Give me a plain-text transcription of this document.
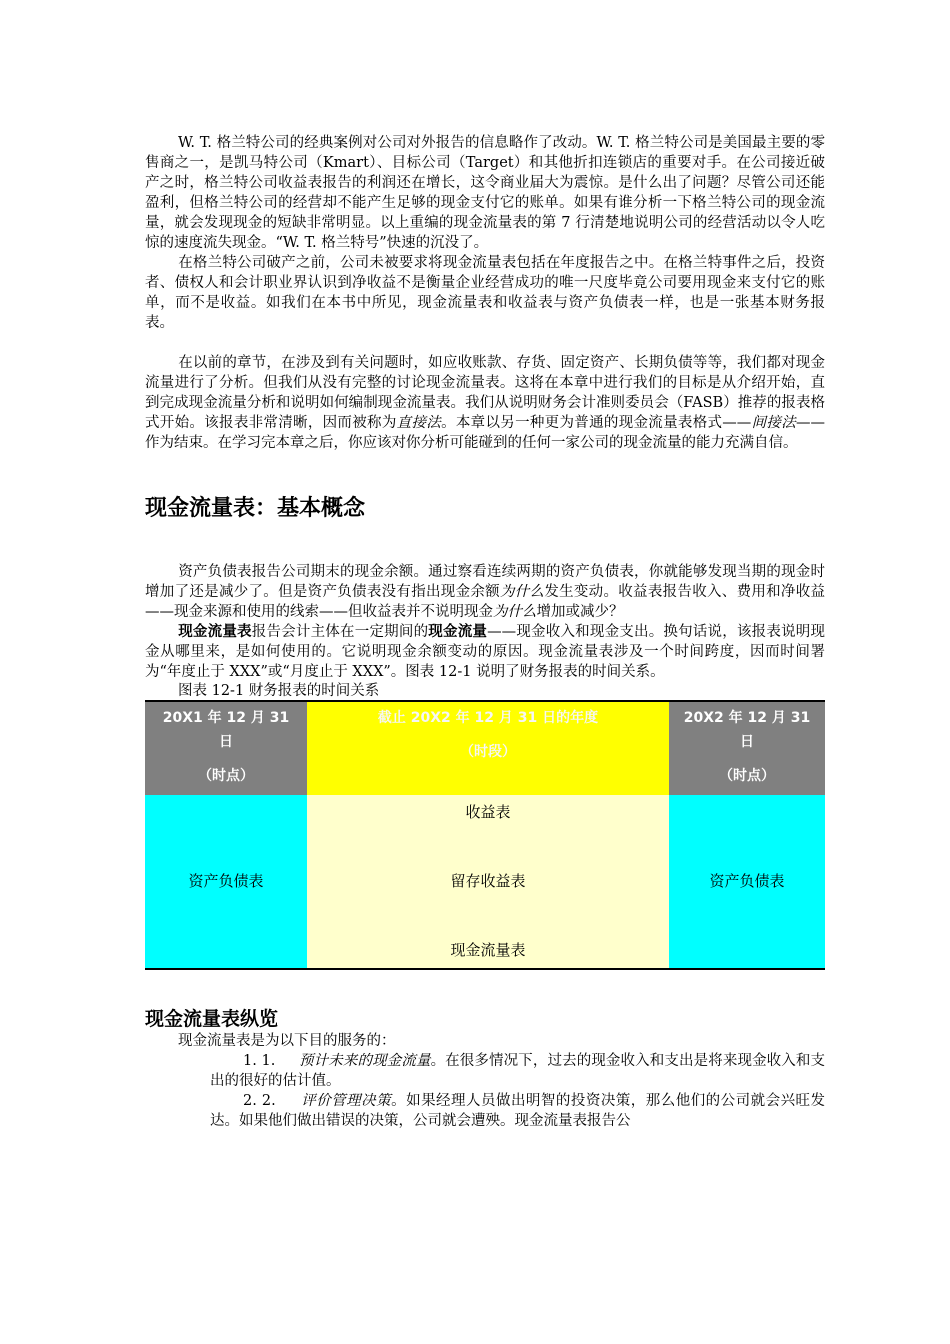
W. T. 格兰特公司的经典案例对公司对外报告的信息略作了改动。W. T. 格兰特公司是美国最主要的零售商之一，是凯马特公司（Kmart）、目标公司（Target）和其他折扣连锁店的重要对手。在公司接近破产之时，格兰特公司收益表报告的利润还在增长，这令商业届大为震惊。是什么出了问题？尽管公司还能盈利，但格兰特公司的经营却不能产生足够的现金支付它的账单。如果有谁分析一下格兰特公司的现金流量，就会发现现金的短缺非常明显。以上重编的现金流量表的第 7 行清楚地说明公司的经营活动以令人吃惊的速度流失现金。“W. T. 格兰特号”快速的沉没了。

在格兰特公司破产之前，公司未被要求将现金流量表包括在年度报告之中。在格兰特事件之后，投资者、债权人和会计职业界认识到净收益不是衡量企业经营成功的唯一尺度毕竟公司要用现金来支付它的账单，而不是收益。如我们在本书中所见，现金流量表和收益表与资产负债表一样，也是一张基本财务报表。

在以前的章节，在涉及到有关问题时，如应收账款、存货、固定资产、长期负债等等，我们都对现金流量进行了分析。但我们从没有完整的讨论现金流量表。这将在本章中进行我们的目标是从介绍开始，直到完成现金流量分析和说明如何编制现金流量表。我们从说明财务会计准则委员会（FASB）推荐的报表格式开始。该报表非常清晰，因而被称为直接法。本章以另一种更为普通的现金流量表格式——间接法——作为结束。在学习完本章之后，你应该对你分析可能碰到的任何一家公司的现金流量的能力充满自信。

现金流量表：基本概念

资产负债表报告公司期末的现金余额。通过察看连续两期的资产负债表，你就能够发现当期的现金时增加了还是减少了。但是资产负债表没有指出现金余额为什么发生变动。收益表报告收入、费用和净收益——现金来源和使用的线索——但收益表并不说明现金为什么增加或减少？

现金流量表报告会计主体在一定期间的现金流量——现金收入和现金支出。换句话说，该报表说明现金从哪里来，是如何使用的。它说明现金余额变动的原因。现金流量表涉及一个时间跨度，因而时间署为“年度止于 XXX”或“月度止于 XXX”。图表 12-1 说明了财务报表的时间关系。

图表 12-1 财务报表的时间关系
20X1 年 12 月 31
日
（时点）
截止 20X2 年 12 月 31 日的年度
（时段）
20X2 年 12 月 31
日
（时点）
资产负债表
收益表
留存收益表
现金流量表
资产负债表
现金流量表纵览

现金流量表是为以下目的服务的：

1. 1. 预计未来的现金流量。在很多情况下，过去的现金收入和支出是将来现金收入和支出的很好的估计值。

2. 2. 评价管理决策。如果经理人员做出明智的投资决策，那么他们的公司就会兴旺发达。如果他们做出错误的决策，公司就会遭殃。现金流量表报告公
